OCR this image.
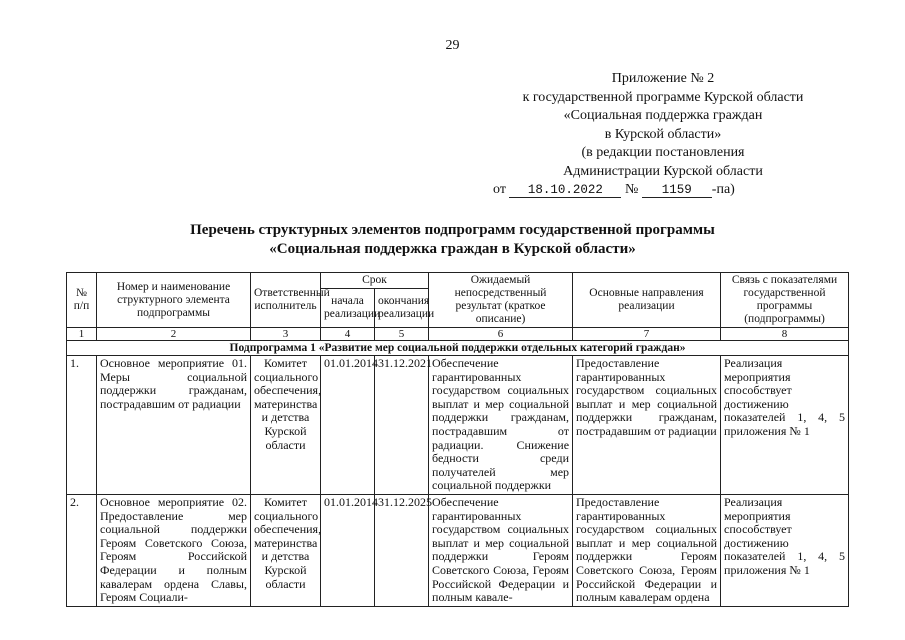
29
Приложение № 2
к государственной программе Курской области
«Социальная поддержка граждан
в Курской области»
(в редакции постановления
Администрации Курской области
от 18.10.2022 № 1159 -па)
Перечень структурных элементов подпрограмм государственной программы
«Социальная поддержка граждан в Курской области»
№ п/п	Номер и наименование структурного элемента подпрограммы	Ответственный исполнитель	Срок		Ожидаемый непосредственный результат (краткое описание)	Основные направления реализации	Связь с показателями государственной программы (подпрограммы)
			начала реализации	окончания реализации			
1	2	3	4	5	6	7	8
Подпрограмма 1 «Развитие мер социальной поддержки отдельных категорий граждан»							
1.	Основное мероприятие 01. Меры социальной поддержки гражданам, пострадавшим от радиации	Комитет социального обеспечения, материнства и детства Курской области	01.01.2014	31.12.2021	Обеспечение гарантированных государством социальных выплат и мер социальной поддержки гражданам, пострадавшим от радиации. Снижение бедности среди получателей мер социальной поддержки	Предоставление гарантированных государством социальных выплат и мер социальной поддержки гражданам, пострадавшим от радиации	Реализация мероприятия способствует достижению показателей 1, 4, 5 приложения № 1
2.	Основное мероприятие 02. Предоставление мер социальной поддержки Героям Советского Союза, Героям Российской Федерации и полным кавалерам ордена Славы, Героям Социали-	Комитет социального обеспечения, материнства и детства Курской области	01.01.2014	31.12.2025	Обеспечение гарантированных государством социальных выплат и мер социальной поддержки Героям Советского Союза, Героям Российской Федерации и полным кавале-	Предоставление гарантированных государством социальных выплат и мер социальной поддержки Героям Советского Союза, Героям Российской Федерации и полным кавалерам ордена	Реализация мероприятия способствует достижению показателей 1, 4, 5 приложения № 1
